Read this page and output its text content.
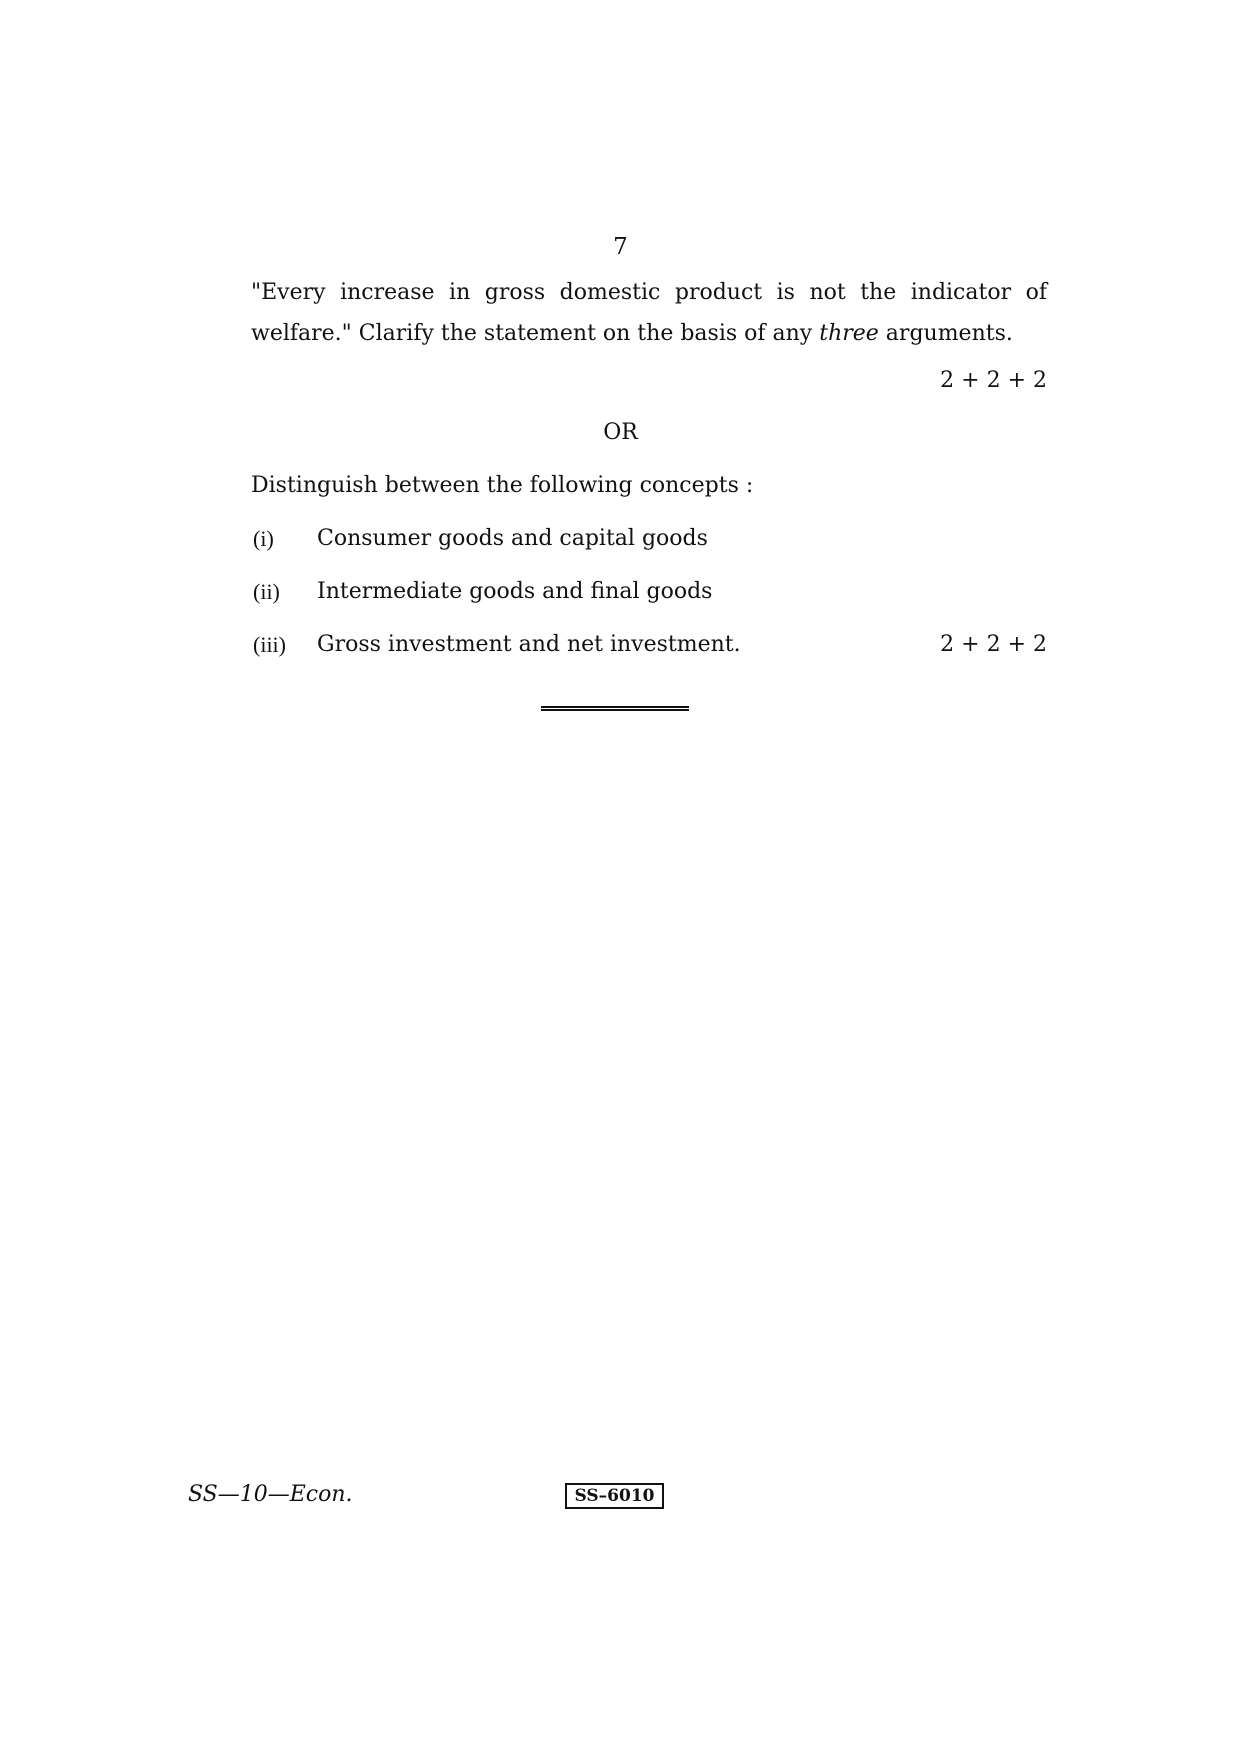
7
"Every increase in gross domestic product is not the indicator of
welfare." Clarify the statement on the basis of any three arguments.
2 + 2 + 2
OR
Distinguish between the following concepts :
(i) Consumer goods and capital goods
(ii) Intermediate goods and final goods
(iii) Gross investment and net investment.	2 + 2 + 2
SS—10—Econ.	SS–6010
